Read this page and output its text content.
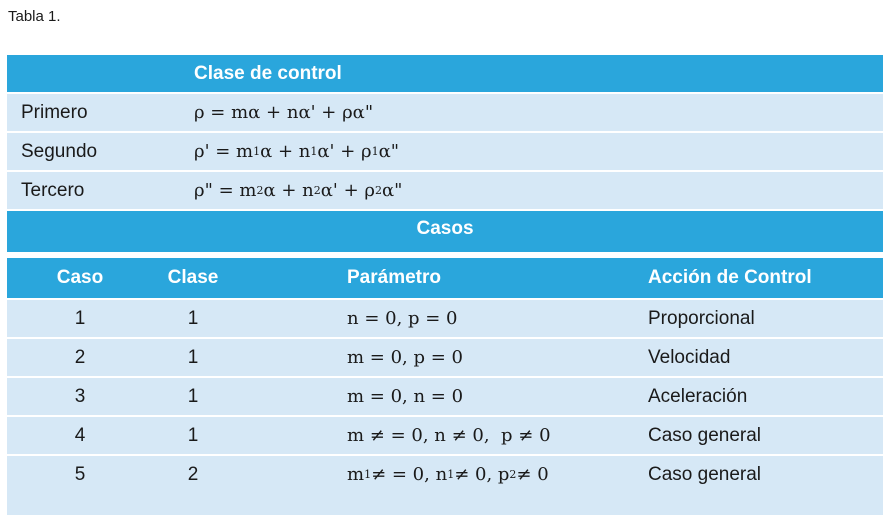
Tabla 1.
Clase de control
Primero	ρ = mα + nα' + ρα"
Segundo	ρ' = m 1 α + n 1 α' + ρ 1 α"
Tercero	ρ" = m 2 α + n 2 α' + ρ 2 α"
Casos
Caso	Clase	Parámetro	Acción de Control
1	1	n = 0, p = 0	Proporcional
2	1	m = 0, p = 0	Velocidad
3	1	m = 0, n = 0	Aceleración
4	1	m ≠ = 0, n ≠ 0,  p ≠ 0	Caso general
5	2	m 1 ≠ = 0, n 1 ≠ 0, p 2 ≠ 0	Caso general
